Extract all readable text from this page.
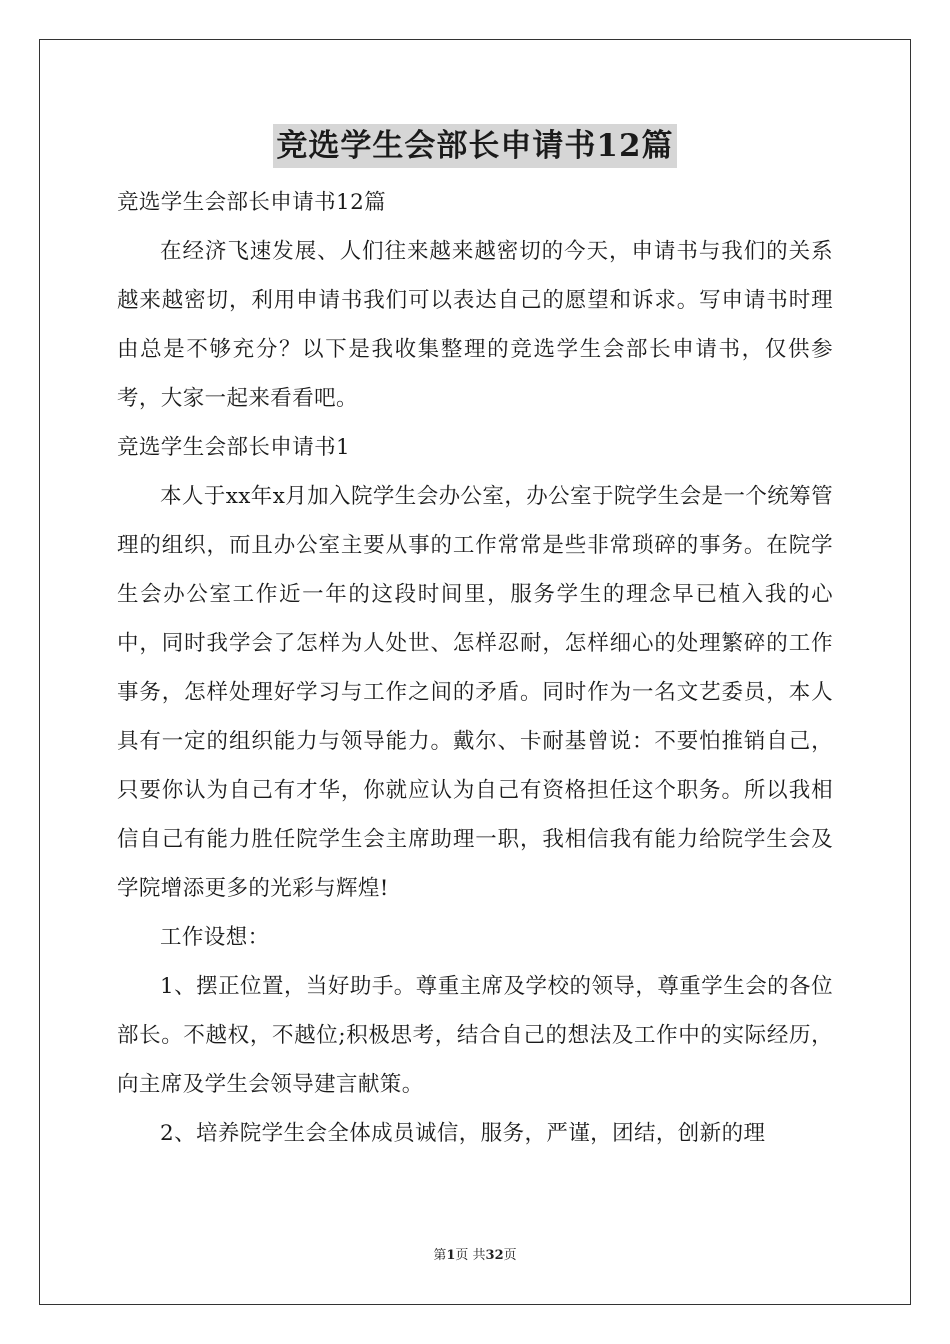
竞选学生会部长申请书12篇

竞选学生会部长申请书12篇

在经济飞速发展、人们往来越来越密切的今天，申请书与我们的关系越来越密切，利用申请书我们可以表达自己的愿望和诉求。写申请书时理由总是不够充分？以下是我收集整理的竞选学生会部长申请书，仅供参考，大家一起来看看吧。

竞选学生会部长申请书1

本人于xx年x月加入院学生会办公室，办公室于院学生会是一个统筹管理的组织，而且办公室主要从事的工作常常是些非常琐碎的事务。在院学生会办公室工作近一年的这段时间里，服务学生的理念早已植入我的心中，同时我学会了怎样为人处世、怎样忍耐，怎样细心的处理繁碎的工作事务，怎样处理好学习与工作之间的矛盾。同时作为一名文艺委员，本人具有一定的组织能力与领导能力。戴尔、卡耐基曾说：不要怕推销自己，只要你认为自己有才华，你就应认为自己有资格担任这个职务。所以我相信自己有能力胜任院学生会主席助理一职，我相信我有能力给院学生会及学院增添更多的光彩与辉煌!

工作设想：

1、摆正位置，当好助手。尊重主席及学校的领导，尊重学生会的各位部长。不越权，不越位;积极思考，结合自己的想法及工作中的实际经历，向主席及学生会领导建言献策。

2、培养院学生会全体成员诚信，服务，严谨，团结，创新的理

第1页 共32页
